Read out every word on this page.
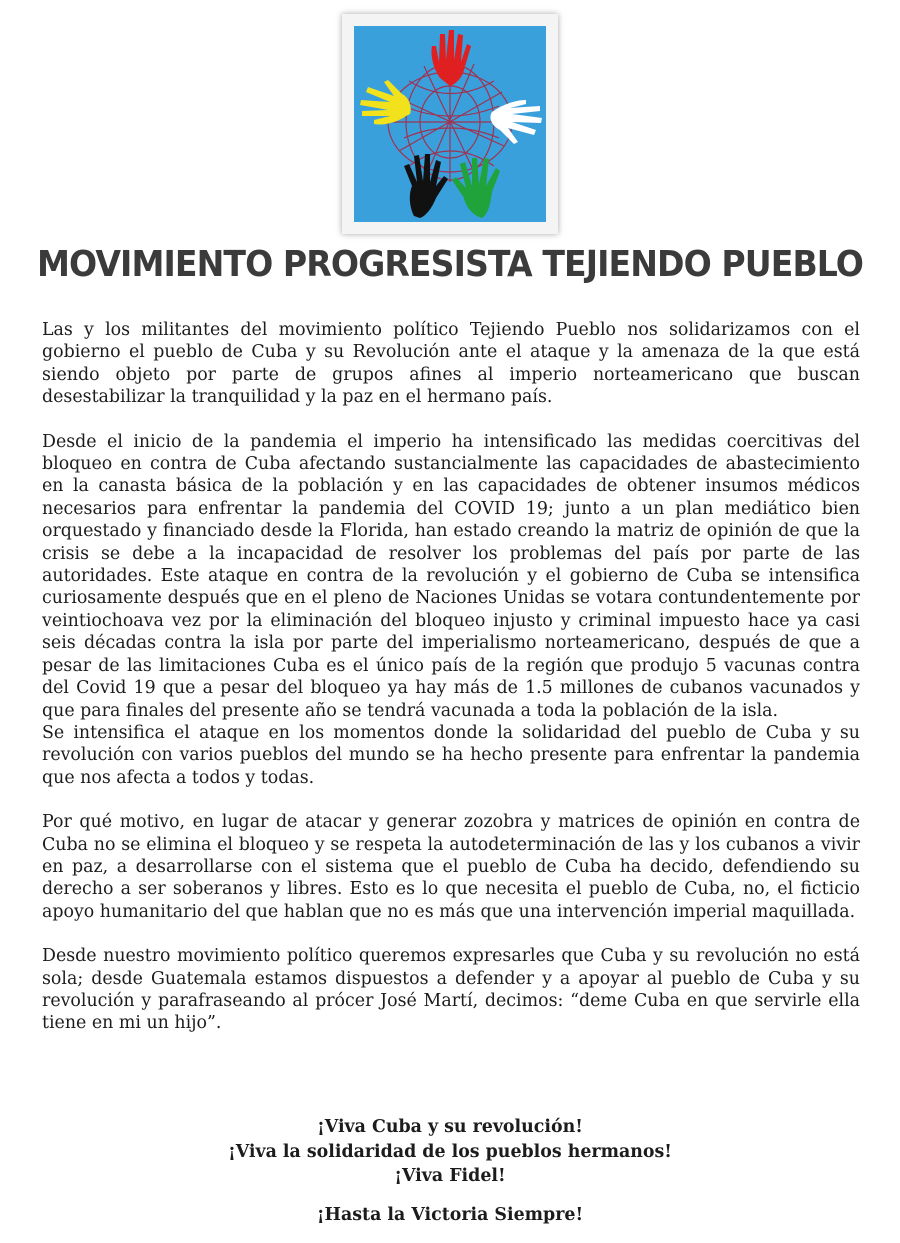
MOVIMIENTO PROGRESISTA TEJIENDO PUEBLO

Las y los militantes del movimiento político Tejiendo Pueblo nos solidarizamos con el gobierno el pueblo de Cuba y su Revolución ante el ataque y la amenaza de la que está siendo objeto por parte de grupos afines al imperio norteamericano que buscan desestabilizar la tranquilidad y la paz en el hermano país.

Desde el inicio de la pandemia el imperio ha intensificado las medidas coercitivas del bloqueo en contra de Cuba afectando sustancialmente las capacidades de abastecimiento en la canasta básica de la población y en las capacidades de obtener insumos médicos necesarios para enfrentar la pandemia del COVID 19; junto a un plan mediático bien orquestado y financiado desde la Florida, han estado creando la matriz de opinión de que la crisis se debe a la incapacidad de resolver los problemas del país por parte de las autoridades. Este ataque en contra de la revolución y el gobierno de Cuba se intensifica curiosamente después que en el pleno de Naciones Unidas se votara contundentemente por veintiochoava vez por la eliminación del bloqueo injusto y criminal impuesto hace ya casi seis décadas contra la isla por parte del imperialismo norteamericano, después de que a pesar de las limitaciones Cuba es el único país de la región que produjo 5 vacunas contra del Covid 19 que a pesar del bloqueo ya hay más de 1.5 millones de cubanos vacunados y que para finales del presente año se tendrá vacunada a toda la población de la isla.

Se intensifica el ataque en los momentos donde la solidaridad del pueblo de Cuba y su revolución con varios pueblos del mundo se ha hecho presente para enfrentar la pandemia que nos afecta a todos y todas.

Por qué motivo, en lugar de atacar y generar zozobra y matrices de opinión en contra de Cuba no se elimina el bloqueo y se respeta la autodeterminación de las y los cubanos a vivir en paz, a desarrollarse con el sistema que el pueblo de Cuba ha decido, defendiendo su derecho a ser soberanos y libres. Esto es lo que necesita el pueblo de Cuba, no, el ficticio apoyo humanitario del que hablan que no es más que una intervención imperial maquillada.

Desde nuestro movimiento político queremos expresarles que Cuba y su revolución no está sola; desde Guatemala estamos dispuestos a defender y a apoyar al pueblo de Cuba y su revolución y parafraseando al prócer José Martí, decimos: “deme Cuba en que servirle ella tiene en mi un hijo”.

¡Viva Cuba y su revolución!
¡Viva la solidaridad de los pueblos hermanos!
¡Viva Fidel!
¡Hasta la Victoria Siempre!
